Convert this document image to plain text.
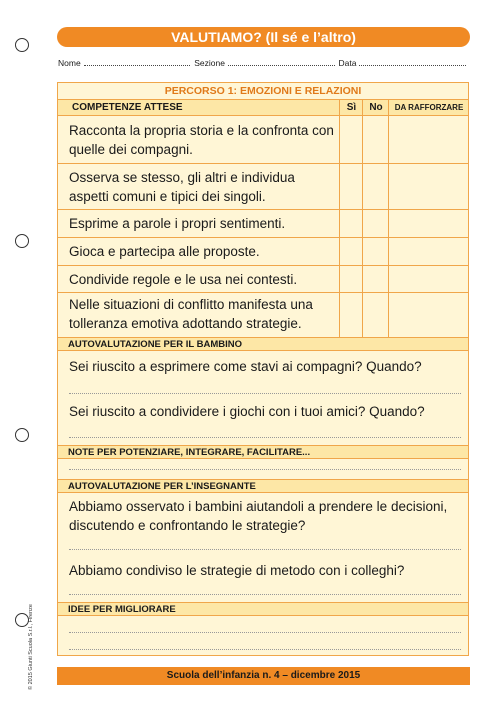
VALUTIAMO? (Il sé e l’altro)
Nome	Sezione	Data
PERCORSO 1: EMOZIONI E RELAZIONI
COMPETENZE ATTESE	Sì	No	DA RAFFORZARE
Racconta la propria storia e la confronta con quelle dei compagni.
Osserva se stesso, gli altri e individua aspetti comuni e tipici dei singoli.
Esprime a parole i propri sentimenti.
Gioca e partecipa alle proposte.
Condivide regole e le usa nei contesti.
Nelle situazioni di conflitto manifesta una tolleranza emotiva adottando strategie.
AUTOVALUTAZIONE PER IL BAMBINO
Sei riuscito a esprimere come stavi ai compagni? Quando?
Sei riuscito a condividere i giochi con i tuoi amici? Quando?
NOTE PER POTENZIARE, INTEGRARE, FACILITARE...
AUTOVALUTAZIONE PER L’INSEGNANTE
Abbiamo osservato i bambini aiutandoli a prendere le decisioni, discutendo e confrontando le strategie?
Abbiamo condiviso le strategie di metodo con i colleghi?
IDEE PER MIGLIORARE
Scuola dell’infanzia n. 4 – dicembre 2015
© 2015 Giunti Scuola S.r.l., Firenze
